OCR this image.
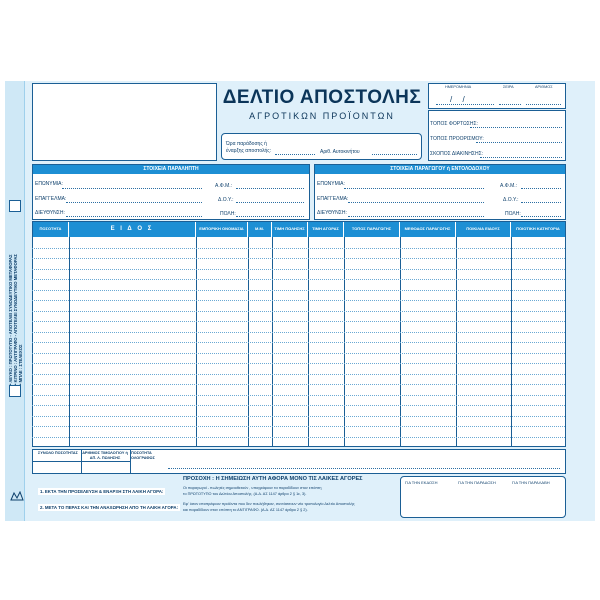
• ΛΕΥΚΟ : ΠΡΩΤΟΤΥΠΟ - ΑΠΟΤΕΛΕΙ ΣΥΝΟΔΕΥΤΙΚΟ ΜΕΤΑΦΟΡΑΣ • ΚΙΤΡΙΝΟ : ΑΝΤΙΓΡΑΦΟ - ΑΠΟΤΕΛΕΙ ΣΥΝΟΔΕΥΤΙΚΟ ΜΕΤΑΦΟΡΑΣ • ΜΠΛΕ : ΣΤΕΛΕΧΟΣ
ΔΕΛΤΙΟ ΑΠΟΣΤΟΛΗΣ
ΑΓΡΟΤΙΚΩΝ ΠΡΟΪΟΝΤΩΝ
Ώρα παράδοσης ή
έναρξης αποστολής:	Αριθ. Αυτοκινήτου
ΗΜΕΡΟΜΗΝΙΑ	ΣΕΙΡΑ	ΑΡΙΘΜΟΣ
/ /
ΤΟΠΟΣ ΦΟΡΤΩΣΗΣ:
ΤΟΠΟΣ ΠΡΟΟΡΙΣΜΟΥ:
ΣΚΟΠΟΣ ΔΙΑΚΙΝΗΣΗΣ:
ΣΤΟΙΧΕΙΑ ΠΑΡΑΛΗΠΤΗ
ΕΠΩΝΥΜΙΑ:	Α.Φ.Μ.:
ΕΠΑΓΓΕΛΜΑ:	Δ.Ο.Υ.:
ΔΙΕΥΘΥΝΣΗ:	ΠΟΛΗ:
ΣΤΟΙΧΕΙΑ ΠΑΡΑΓΩΓΟΥ ή ΕΝΤΟΛΟΔΟΧΟΥ
ΕΠΩΝΥΜΙΑ:	Α.Φ.Μ.:
ΕΠΑΓΓΕΛΜΑ:	Δ.Ο.Υ.:
ΔΙΕΥΘΥΝΣΗ:	ΠΟΛΗ:
ΠΟΣΟΤΗΤΑ	Ε Ι Δ Ο Σ	ΕΜΠΟΡΙΚΗ ΟΝΟΜΑΣΙΑ	Μ.Μ.	ΤΙΜΗ ΠΩΛΗΣΗΣ	ΤΙΜΗ ΑΓΟΡΑΣ	ΤΟΠΟΣ ΠΑΡΑΓΩΓΗΣ	ΜΕΘΟΔΟΣ ΠΑΡΑΓΩΓΗΣ	ΠΟΙΚΙΛΙΑ ΕΙΔΟΥΣ	ΠΟΙΟΤΙΚΗ ΚΑΤΗΓΟΡΙΑ
ΣΥΝΟΛΟ ΠΟΣΟΤΗΤΑΣ	ΑΡΙΘΜΟΣ ΤΙΜΟΛΟΓΙΟΥ ή ΑΠ. Λ. ΠΩΛΗΣΗΣ
ΠΟΣΟΤΗΤΑ ΟΛΟΓΡΑΦΩΣ
ΠΡΟΣΟΧΗ : Η ΣΗΜΕΙΩΣΗ ΑΥΤΗ ΑΦΟΡΑ ΜΟΝΟ ΤΙΣ ΛΑΙΚΕΣ ΑΓΟΡΕΣ
1. ΕΚΤΑ ΤΗΝ ΠΡΟΣΕΛΕΥΣΗ & ΕΝΑΡΞΗ ΣΤΗ ΛΑΙΚΗ ΑΓΟΡΑ:
2. ΜΕΤΑ ΤΟ ΠΕΡΑΣ ΚΑΙ ΤΗΝ ΑΝΑΧΩΡΗΣΗ ΑΠΟ ΤΗ ΛΑΙΚΗ ΑΓΟΡΑ:
Οι παραγωγοί - πωλητές σημειοθετούν , υπογράφουν τα παραδίδουν στον επόπτη
το ΠΡΩΤΟΤΥΠΟ του Δελτίου Αποστολής. (Α.Δ. ΑΣ 1147 άρθρο 2 § 1ε, 3).
Εφ' όσον επιστρέφουν προϊόντα που δεν πουλήθηκαν, συντάσσουν νέο τροπολογίο Δελτίο Αποστολής
και παραδίδουν στον επόπτη το ΑΝΤΙΓΡΑΦΟ. (Α.Δ. ΑΣ 1147 άρθρο 2 § 2).
ΓΙΑ ΤΗΝ ΕΚΔΟΣΗ	ΓΙΑ ΤΗΝ ΠΑΡΑΔΟΣΗ	ΓΙΑ ΤΗΝ ΠΑΡΑΛΑΒΗ
